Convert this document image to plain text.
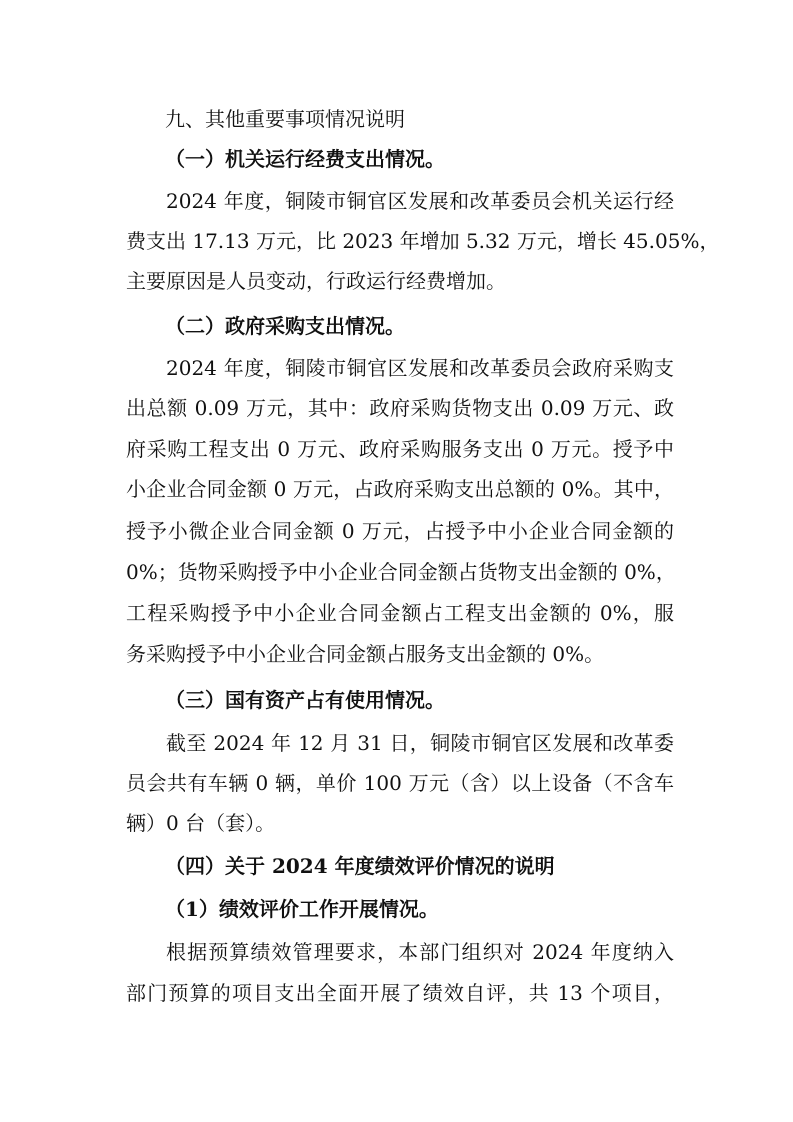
九、其他重要事项情况说明
（一）机关运行经费支出情况。
2024 年度，铜陵市铜官区发展和改革委员会机关运行经
费支出 17.13 万元，比 2023 年增加 5.32 万元，增长 45.05%，
主要原因是人员变动，行政运行经费增加。
（二）政府采购支出情况。
2024 年度，铜陵市铜官区发展和改革委员会政府采购支
出总额 0.09 万元，其中：政府采购货物支出 0.09 万元、政
府采购工程支出 0 万元、政府采购服务支出 0 万元。授予中
小企业合同金额 0 万元，占政府采购支出总额的 0%。其中，
授予小微企业合同金额 0 万元，占授予中小企业合同金额的
0%；货物采购授予中小企业合同金额占货物支出金额的 0%，
工程采购授予中小企业合同金额占工程支出金额的 0%，服
务采购授予中小企业合同金额占服务支出金额的 0%。
（三）国有资产占有使用情况。
截至 2024 年 12 月 31 日，铜陵市铜官区发展和改革委
员会共有车辆 0 辆，单价 100 万元（含）以上设备（不含车
辆）0 台（套）。
（四）关于 2024 年度绩效评价情况的说明
（1）绩效评价工作开展情况。
根据预算绩效管理要求，本部门组织对 2024 年度纳入
部门预算的项目支出全面开展了绩效自评，共 13 个项目，
